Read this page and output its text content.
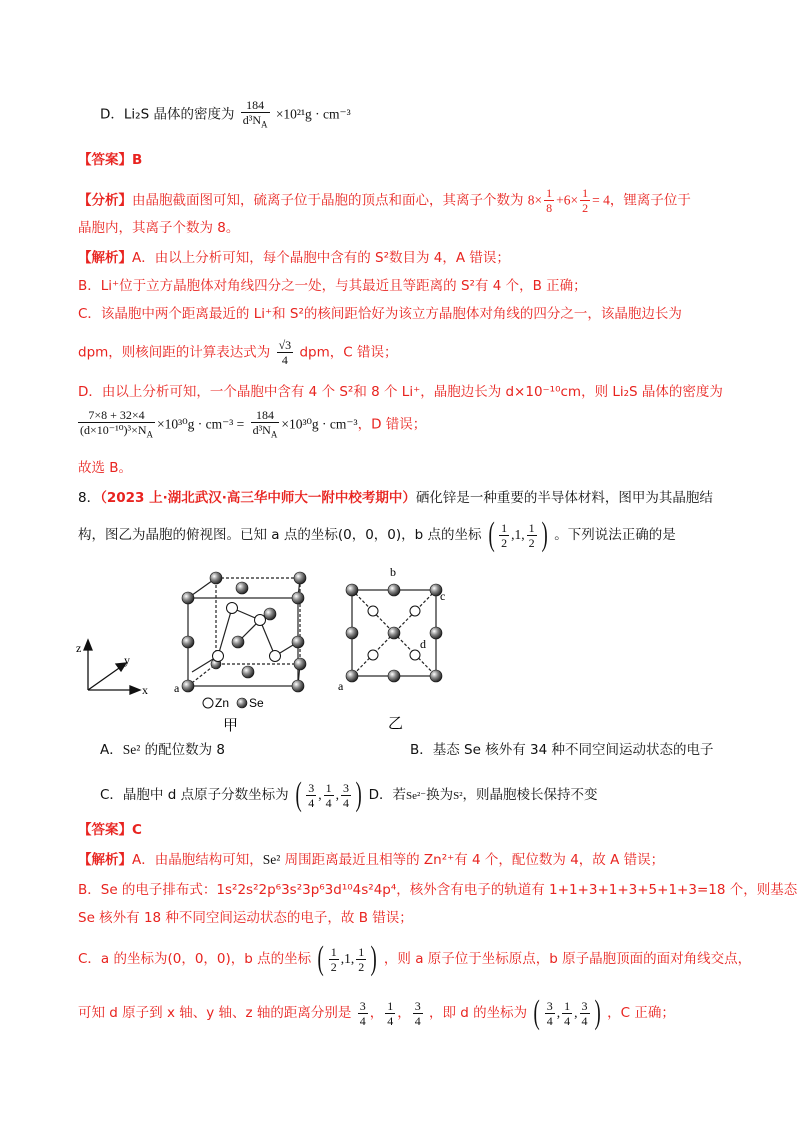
D．Li₂S 晶体的密度为 $\frac{184}{d^3N_A} \times 10^{21}g \cdot cm^{-3}$
【答案】B
【分析】由晶胞截面图可知，硫离子位于晶胞的顶点和面心，其离子个数为 $8\times \frac{1}{8} +6\times \frac{1}{2} = 4$，锂离子位于
晶胞内，其离子个数为 8。
【解析】A．由以上分析可知，每个晶胞中含有的 S²数目为 4，A 错误；
B．Li⁺位于立方晶胞体对角线四分之一处，与其最近且等距离的 S²有 4 个，B 正确；
C．该晶胞中两个距离最近的 Li⁺和 S²的核间距恰好为该立方晶胞体对角线的四分之一，该晶胞边长为
dpm，则核间距的计算表达式为 $\frac{√3}{4}$ dpm，C 错误；
D．由以上分析可知，一个晶胞中含有 4 个 S²和 8 个 Li⁺，晶胞边长为 d×10⁻¹⁰cm，则 Li₂S 晶体的密度为
$\frac{7\times 8 + 32\times 4}{(d\times 10^{-10})^3\times N_A} \times 10^{30}g \cdot cm^{-3} = \frac{184}{d^3N_A} \times 10^{30}g \cdot cm^{-3}$，D 错误；
故选 B。
8．（2023 上·湖北武汉·高三华中师大一附中校考期中）硒化锌是一种重要的半导体材料，图甲为其晶胞结
构，图乙为晶胞的俯视图。已知 a 点的坐标(0，0，0)，b 点的坐标 ( $\frac{1}{2} ,1$, $\frac{1}{2}$ ) 。下列说法正确的是
z
y
x a
Zn Se
甲
b
c
d
a
乙
A．Se² 的配位数为 8	B．基态 Se 核外有 34 种不同空间运动状态的电子
C．晶胞中 d 点原子分数坐标为 ( $\frac{3}{4}$ , $\frac{1}{4}$ , $\frac{3}{4}$ ) D．若Se²⁻换为S²，则晶胞棱长保持不变
【答案】C
【解析】A．由晶胞结构可知，Se² 周围距离最近且相等的 Zn²⁺有 4 个，配位数为 4，故 A 错误；
B．Se 的电子排布式：1s²2s²2p⁶3s²3p⁶3d¹⁰4s²4p⁴，核外含有电子的轨道有 1+1+3+1+3+5+1+3=18 个，则基态
Se 核外有 18 种不同空间运动状态的电子，故 B 错误；
C．a 的坐标为(0，0，0)，b 点的坐标 ( $\frac{1}{2} ,1$, $\frac{1}{2}$ ) ，则 a 原子位于坐标原点，b 原子晶胞顶面的面对角线交点，
可知 d 原子到 x 轴、y 轴、z 轴的距离分别是 $\frac{3}{4}$ ， $\frac{1}{4}$ ， $\frac{3}{4}$ ，即 d 的坐标为 ( $\frac{3}{4}$ , $\frac{1}{4}$ , $\frac{3}{4}$ ) ，C 正确；
